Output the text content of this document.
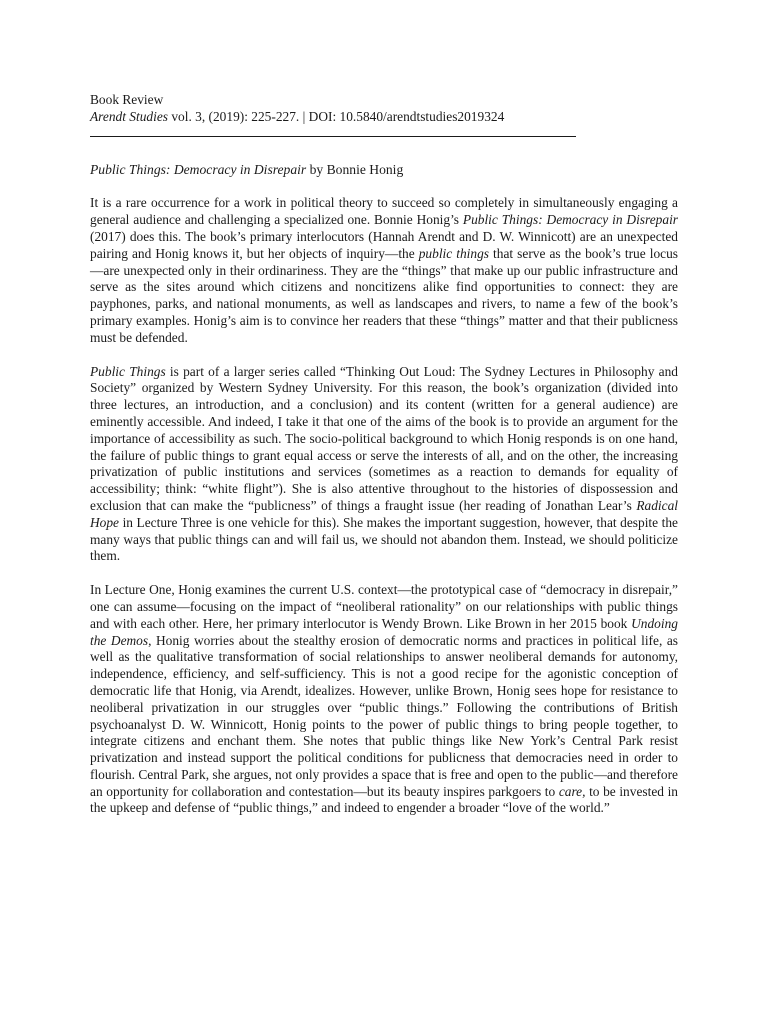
Book Review

Arendt Studies vol. 3, (2019): 225-227. | DOI: 10.5840/arendtstudies2019324

Public Things: Democracy in Disrepair by Bonnie Honig

It is a rare occurrence for a work in political theory to succeed so completely in simultaneously engaging a general audience and challenging a specialized one. Bonnie Honig’s Public Things: Democracy in Disrepair (2017) does this. The book’s primary interlocutors (Hannah Arendt and D. W. Winnicott) are an unexpected pairing and Honig knows it, but her objects of inquiry—the public things that serve as the book’s true locus—are unexpected only in their ordinariness. They are the “things” that make up our public infrastructure and serve as the sites around which citizens and noncitizens alike find opportunities to connect: they are payphones, parks, and national monuments, as well as landscapes and rivers, to name a few of the book’s primary examples. Honig’s aim is to convince her readers that these “things” matter and that their publicness must be defended.

Public Things is part of a larger series called “Thinking Out Loud: The Sydney Lectures in Philosophy and Society” organized by Western Sydney University. For this reason, the book’s organization (divided into three lectures, an introduction, and a conclusion) and its content (written for a general audience) are eminently accessible. And indeed, I take it that one of the aims of the book is to provide an argument for the importance of accessibility as such. The socio-political background to which Honig responds is on one hand, the failure of public things to grant equal access or serve the interests of all, and on the other, the increasing privatization of public institutions and services (sometimes as a reaction to demands for equality of accessibility; think: “white flight”). She is also attentive throughout to the histories of dispossession and exclusion that can make the “publicness” of things a fraught issue (her reading of Jonathan Lear’s Radical Hope in Lecture Three is one vehicle for this). She makes the important suggestion, however, that despite the many ways that public things can and will fail us, we should not abandon them. Instead, we should politicize them.

In Lecture One, Honig examines the current U.S. context—the prototypical case of “democracy in disrepair,” one can assume—focusing on the impact of “neoliberal rationality” on our relationships with public things and with each other. Here, her primary interlocutor is Wendy Brown. Like Brown in her 2015 book Undoing the Demos, Honig worries about the stealthy erosion of democratic norms and practices in political life, as well as the qualitative transformation of social relationships to answer neoliberal demands for autonomy, independence, efficiency, and self-sufficiency. This is not a good recipe for the agonistic conception of democratic life that Honig, via Arendt, idealizes. However, unlike Brown, Honig sees hope for resistance to neoliberal privatization in our struggles over “public things.” Following the contributions of British psychoanalyst D. W. Winnicott, Honig points to the power of public things to bring people together, to integrate citizens and enchant them. She notes that public things like New York’s Central Park resist privatization and instead support the political conditions for publicness that democracies need in order to flourish. Central Park, she argues, not only provides a space that is free and open to the public—and therefore an opportunity for collaboration and contestation—but its beauty inspires parkgoers to care, to be invested in the upkeep and defense of “public things,” and indeed to engender a broader “love of the world.”
